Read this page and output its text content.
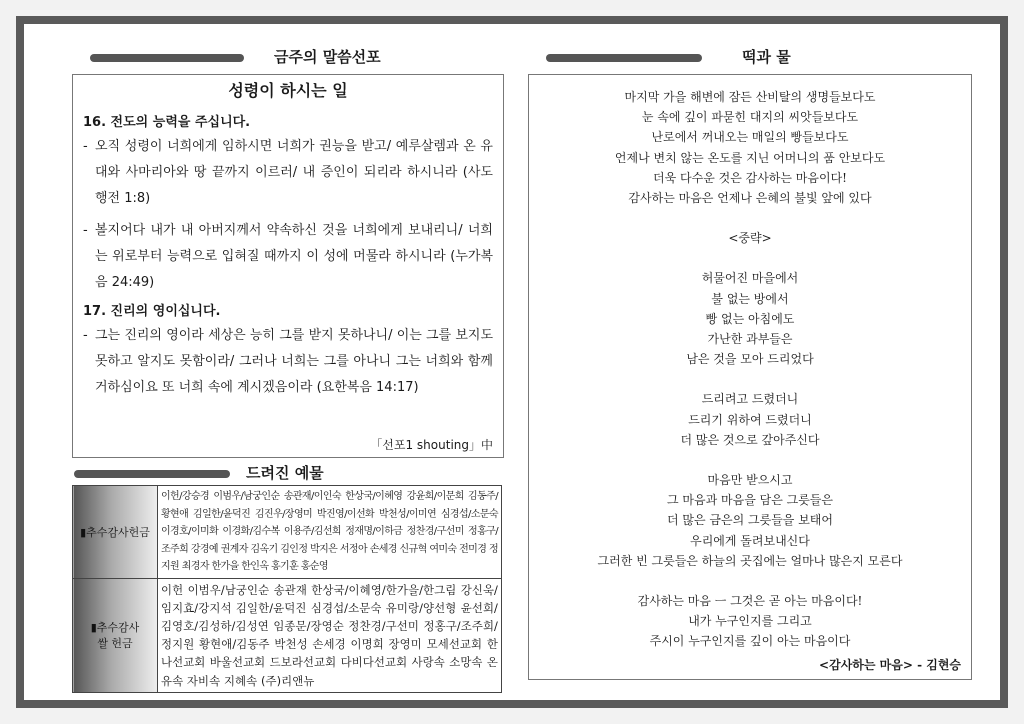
금주의 말씀선포
성령이 하시는 일
16. 전도의 능력을 주십니다.
- 오직 성령이 너희에게 임하시면 너희가 권능을 받고/ 예루살렘과 온 유대와 사마리아와 땅 끝까지 이르러/ 내 증인이 되리라 하시니라 (사도행전 1:8)
- 볼지어다 내가 내 아버지께서 약속하신 것을 너희에게 보내리니/ 너희는 위로부터 능력으로 입혀질 때까지 이 성에 머물라 하시니라 (누가복음 24:49)
17. 진리의 영이십니다.
- 그는 진리의 영이라 세상은 능히 그를 받지 못하나니/ 이는 그를 보지도 못하고 알지도 못함이라/ 그러나 너희는 그를 아나니 그는 너희와 함께 거하심이요 또 너희 속에 계시겠음이라 (요한복음 14:17)
「선포1 shouting」中
드려진 예물
▮추수감사헌금	이헌/강승경 이범우/남궁인순 송관재/이인숙 한상국/이혜영 강윤희/이문희 김동주/황현애 김일한/윤덕진 김진우/장영미 박진영/이선화 박천성/이미연 심경섭/소문숙 이경호/이미화 이경화/김수복 이용주/김선희 정재명/이하금 정찬경/구선미 정홍구/조주희 강경예 권계자 김옥기 김인정 박지은 서정아 손세경 신규혁 여미숙 전미경 정지원 최경자 한가을 한인옥 홍기훈 홍순영
▮추수감사
쌀 헌금	이헌 이범우/남궁인순 송관재 한상국/이혜영/한가을/한그림 강신욱/임지효/강지석 김일한/윤덕진 심경섭/소문숙 유미랑/양선형 윤선희/김영호/김성하/김성연 임종문/장영순 정찬경/구선미 정홍구/조주희/정지원 황현애/김동주 박천성 손세경 이명희 장영미 모세선교회 한나선교회 바울선교회 드보라선교회 다비다선교회 사랑속 소망속 온유속 자비속 지혜속 (주)리앤뉴
떡과 물
마지막 가을 해변에 잠든 산비탈의 생명들보다도
눈 속에 깊이 파묻힌 대지의 씨앗들보다도
난로에서 꺼내오는 매일의 빵들보다도
언제나 변치 않는 온도를 지닌 어머니의 품 안보다도
더욱 다수운 것은 감사하는 마음이다!
감사하는 마음은 언제나 은혜의 불빛 앞에 있다
<중략>
허물어진 마을에서
불 없는 방에서
빵 없는 아침에도
가난한 과부들은
남은 것을 모아 드리었다
드리려고 드렸더니
드리기 위하여 드렸더니
더 많은 것으로 갚아주신다
마음만 받으시고
그 마음과 마음을 담은 그릇들은
더 많은 금은의 그릇들을 보태어
우리에게 돌려보내신다
그러한 빈 그릇들은 하늘의 곳집에는 얼마나 많은지 모른다
감사하는 마음 ㅡ 그것은 곧 아는 마음이다!
내가 누구인지를 그리고
주시이 누구인지를 깊이 아는 마음이다
<감사하는 마음> - 김현승
